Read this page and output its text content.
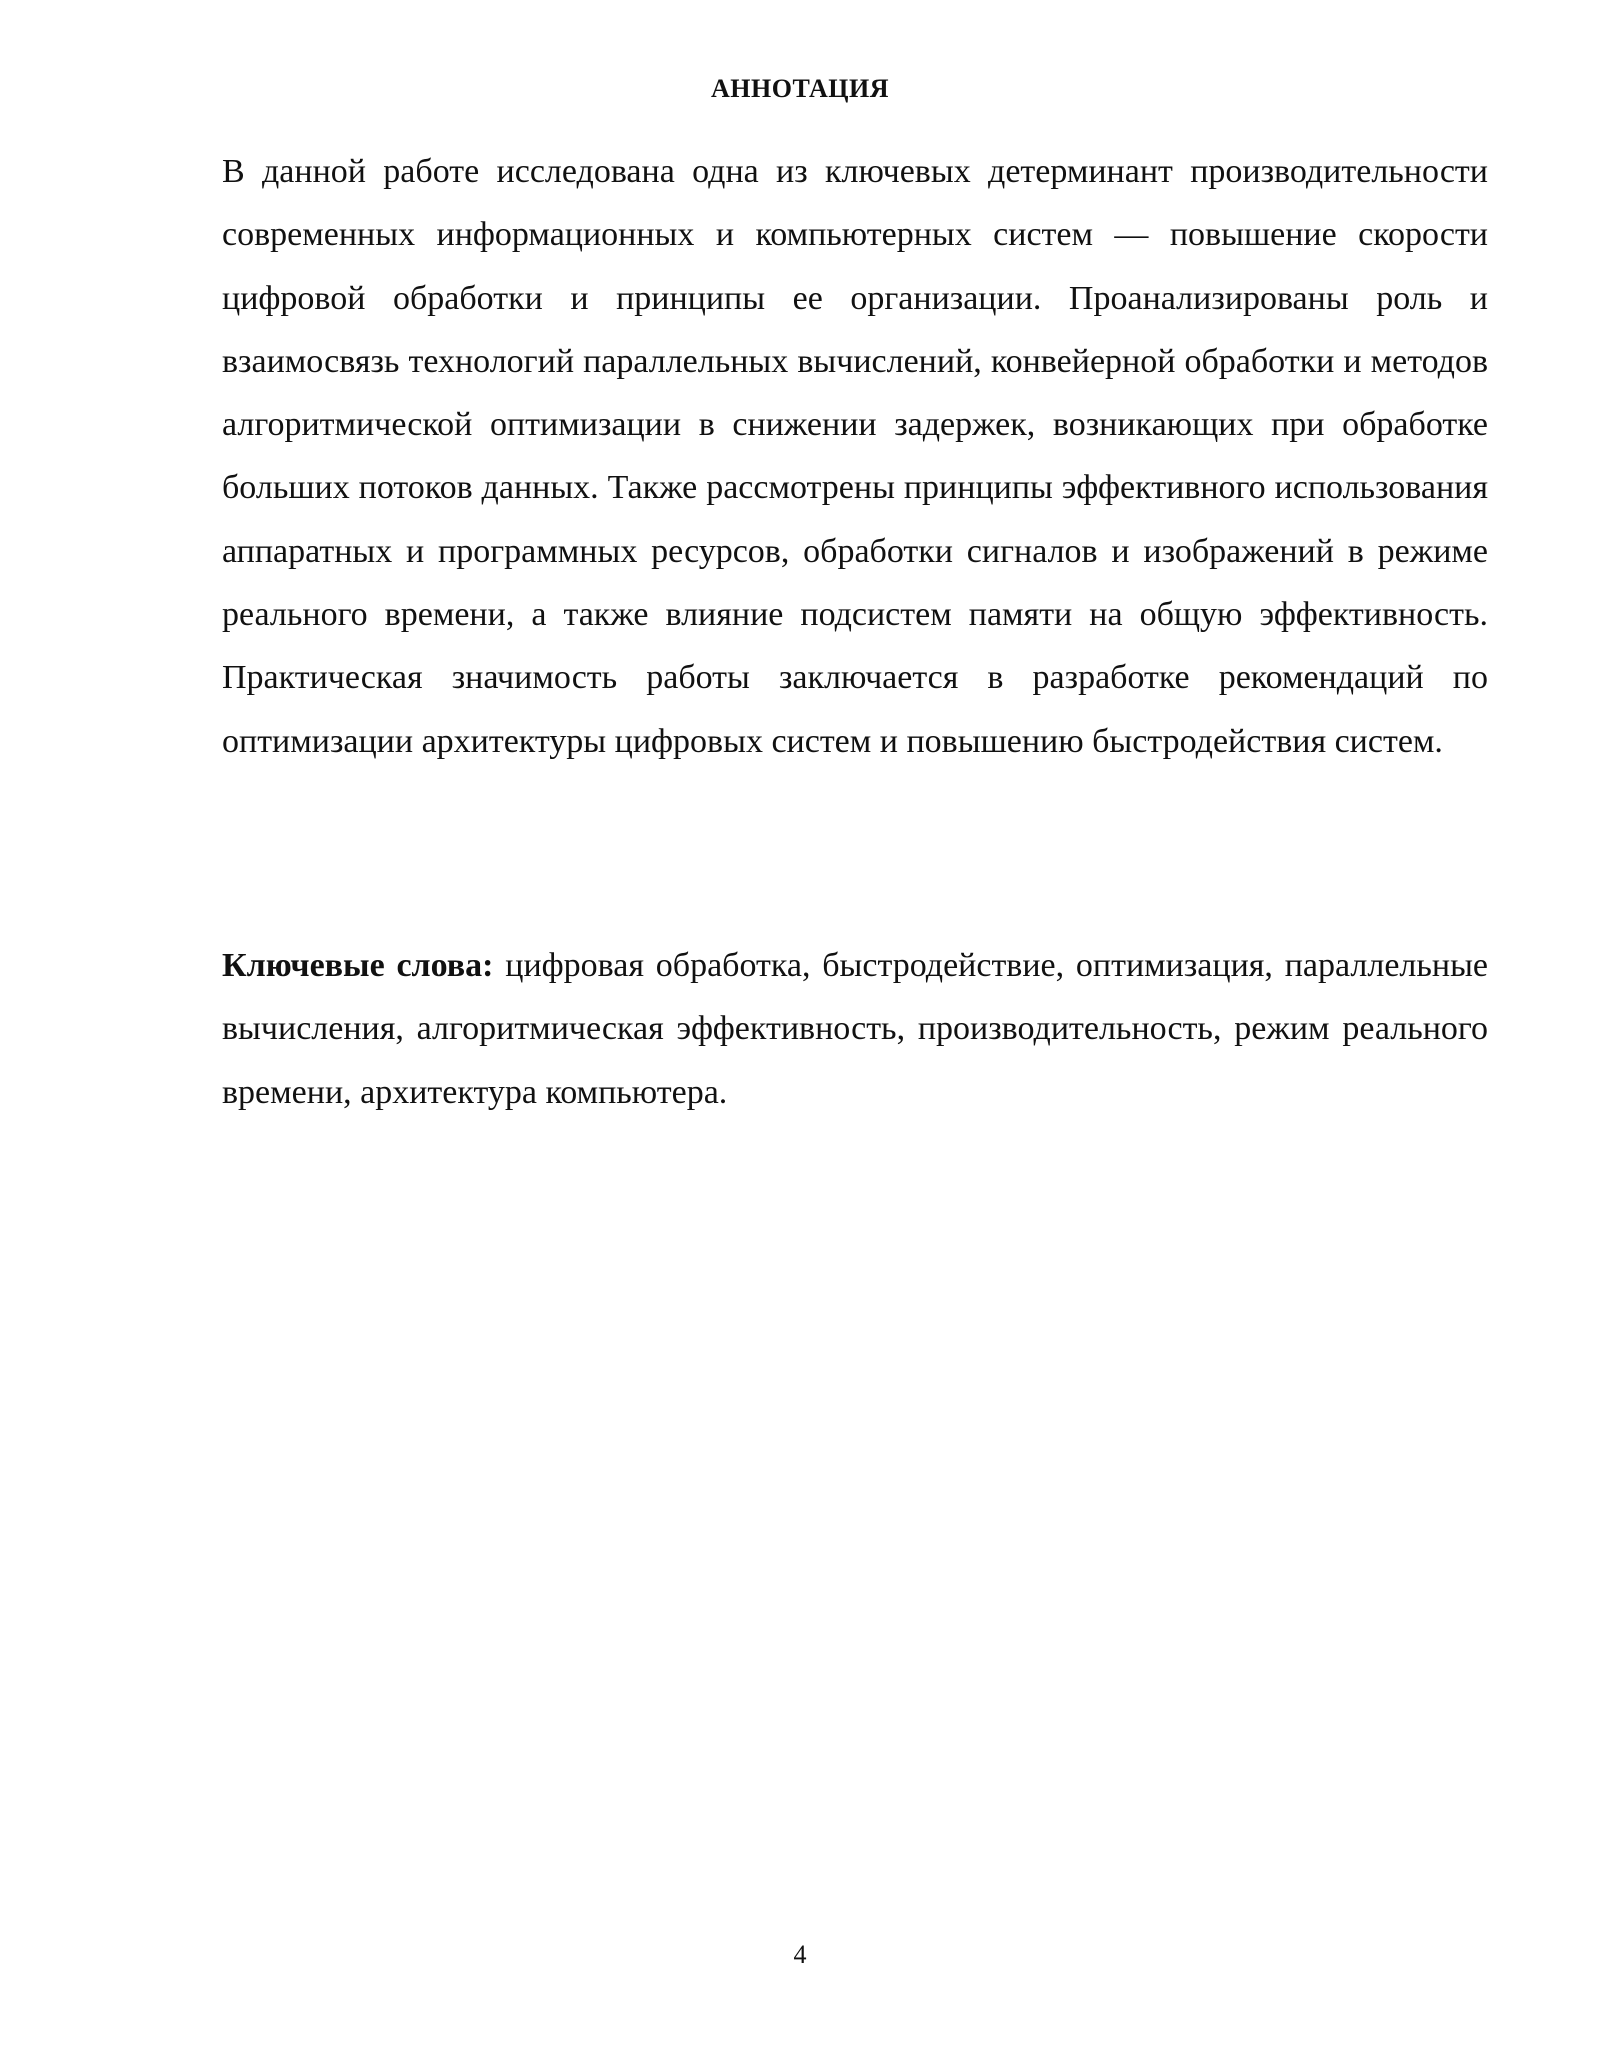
АННОТАЦИЯ

В данной работе исследована одна из ключевых детерминант производительности современных информационных и компьютерных систем — повышение скорости цифровой обработки и принципы ее организации. Проанализированы роль и взаимосвязь технологий параллельных вычислений, конвейерной обработки и методов алгоритмической оптимизации в снижении задержек, возникающих при обработке больших потоков данных. Также рассмотрены принципы эффективного использования аппаратных и программных ресурсов, обработки сигналов и изображений в режиме реального времени, а также влияние подсистем памяти на общую эффективность. Практическая значимость работы заключается в разработке рекомендаций по оптимизации архитектуры цифровых систем и повышению быстродействия систем.

Ключевые слова: цифровая обработка, быстродействие, оптимизация, параллельные вычисления, алгоритмическая эффективность, производительность, режим реального времени, архитектура компьютера.

4
